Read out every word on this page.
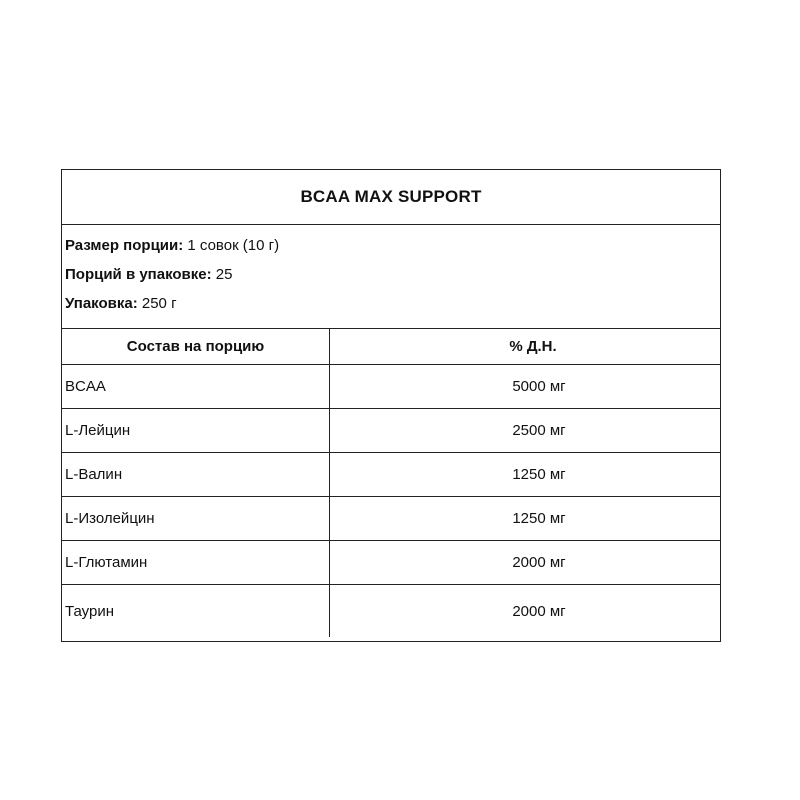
BCAA MAX SUPPORT
Размер порции: 1 совок (10 г)
Порций в упаковке: 25
Упаковка: 250 г
Состав на порцию	% Д.Н.
BCAA	5000 мг
L-Лейцин	2500 мг
L-Валин	1250 мг
L-Изолейцин	1250 мг
L-Глютамин	2000 мг
Таурин	2000 мг
